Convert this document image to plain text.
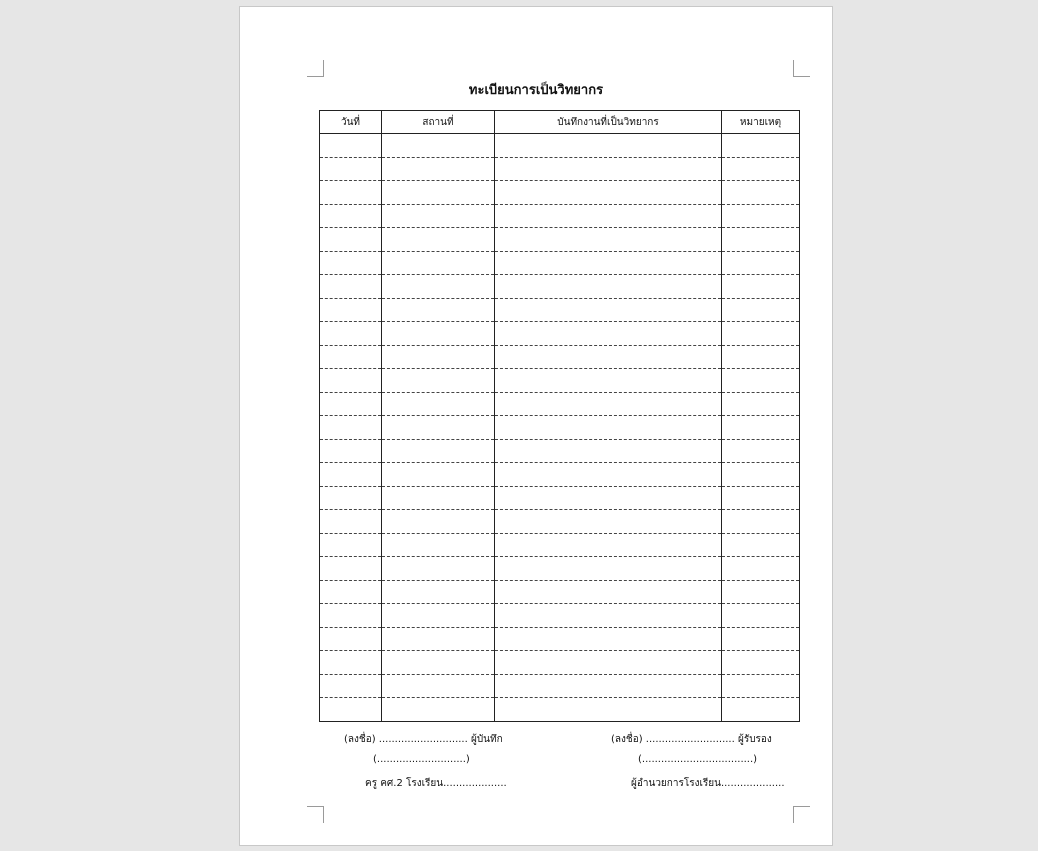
ทะเบียนการเป็นวิทยากร
วันที่	สถานที่	บันทึกงานที่เป็นวิทยากร	หมายเหตุ

(ลงชื่อ) ............................ ผู้บันทึก
(............................)
ครู คศ.2 โรงเรียน....................
(ลงชื่อ) ............................ ผู้รับรอง
(...................................)
ผู้อำนวยการโรงเรียน....................
